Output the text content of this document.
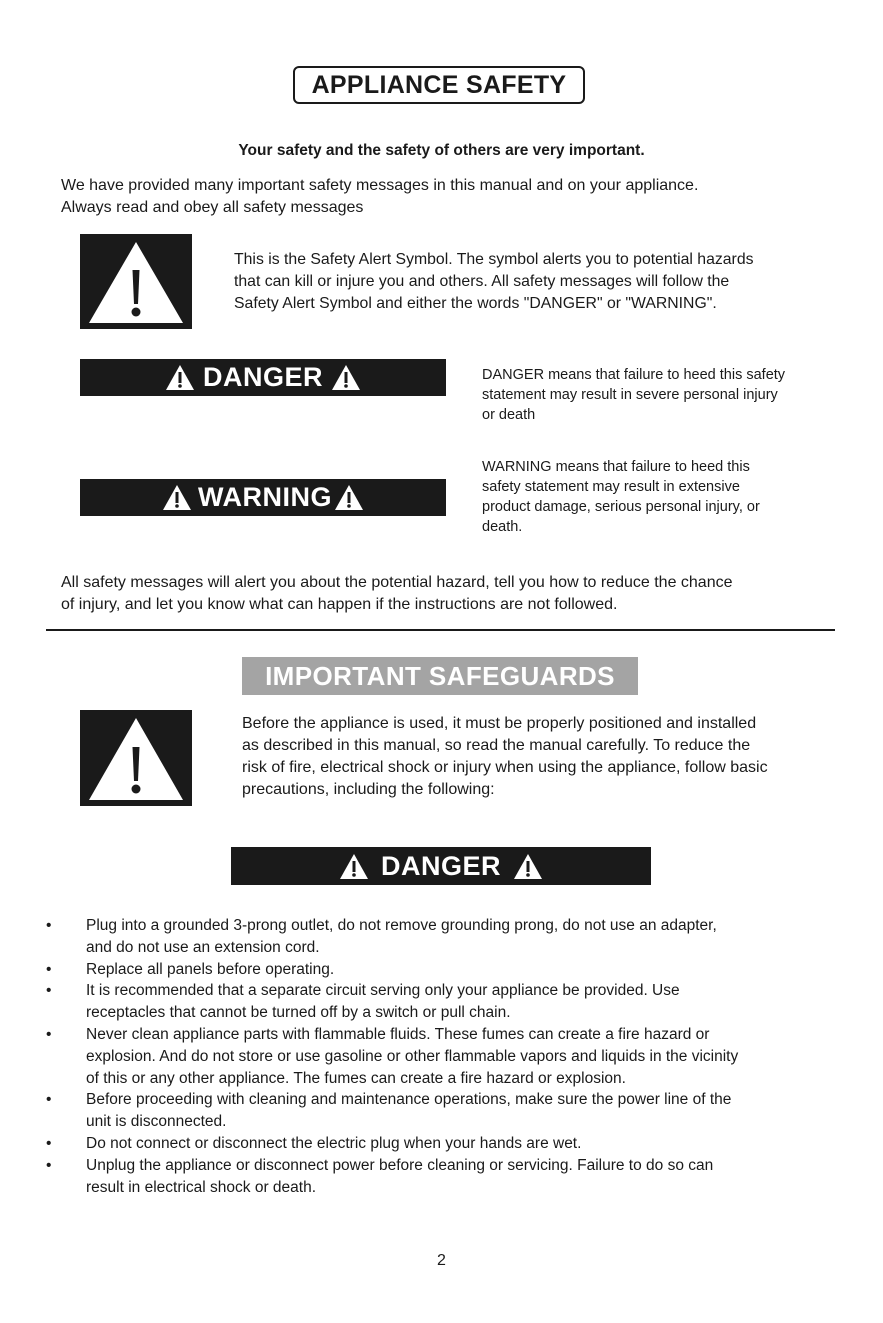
APPLIANCE SAFETY
Your safety and the safety of others are very important.
We have provided many important safety messages in this manual and on your appliance.
Always read and obey all safety messages
This is the Safety Alert Symbol. The symbol alerts you to potential hazards
that can kill or injure you and others. All safety messages will follow the
Safety Alert Symbol and either the words "DANGER" or "WARNING".
DANGER	DANGER means that failure to heed this safety
statement may result in severe personal injury
or death
WARNING
WARNING means that failure to heed this
safety statement may result in extensive
product damage, serious personal injury, or
death.
All safety messages will alert you about the potential hazard, tell you how to reduce the chance
of injury, and let you know what can happen if the instructions are not followed.
IMPORTANT SAFEGUARDS
Before the appliance is used, it must be properly positioned and installed
as described in this manual, so read the manual carefully. To reduce the
risk of fire, electrical shock or injury when using the appliance, follow basic
precautions, including the following:
DANGER
• Plug into a grounded 3-prong outlet, do not remove grounding prong, do not use an adapter,
and do not use an extension cord.
• Replace all panels before operating.
• It is recommended that a separate circuit serving only your appliance be provided. Use
receptacles that cannot be turned off by a switch or pull chain.
• Never clean appliance parts with flammable fluids. These fumes can create a fire hazard or
explosion. And do not store or use gasoline or other flammable vapors and liquids in the vicinity
of this or any other appliance. The fumes can create a fire hazard or explosion.
• Before proceeding with cleaning and maintenance operations, make sure the power line of the
unit is disconnected.
• Do not connect or disconnect the electric plug when your hands are wet.
• Unplug the appliance or disconnect power before cleaning or servicing. Failure to do so can
result in electrical shock or death.
2
